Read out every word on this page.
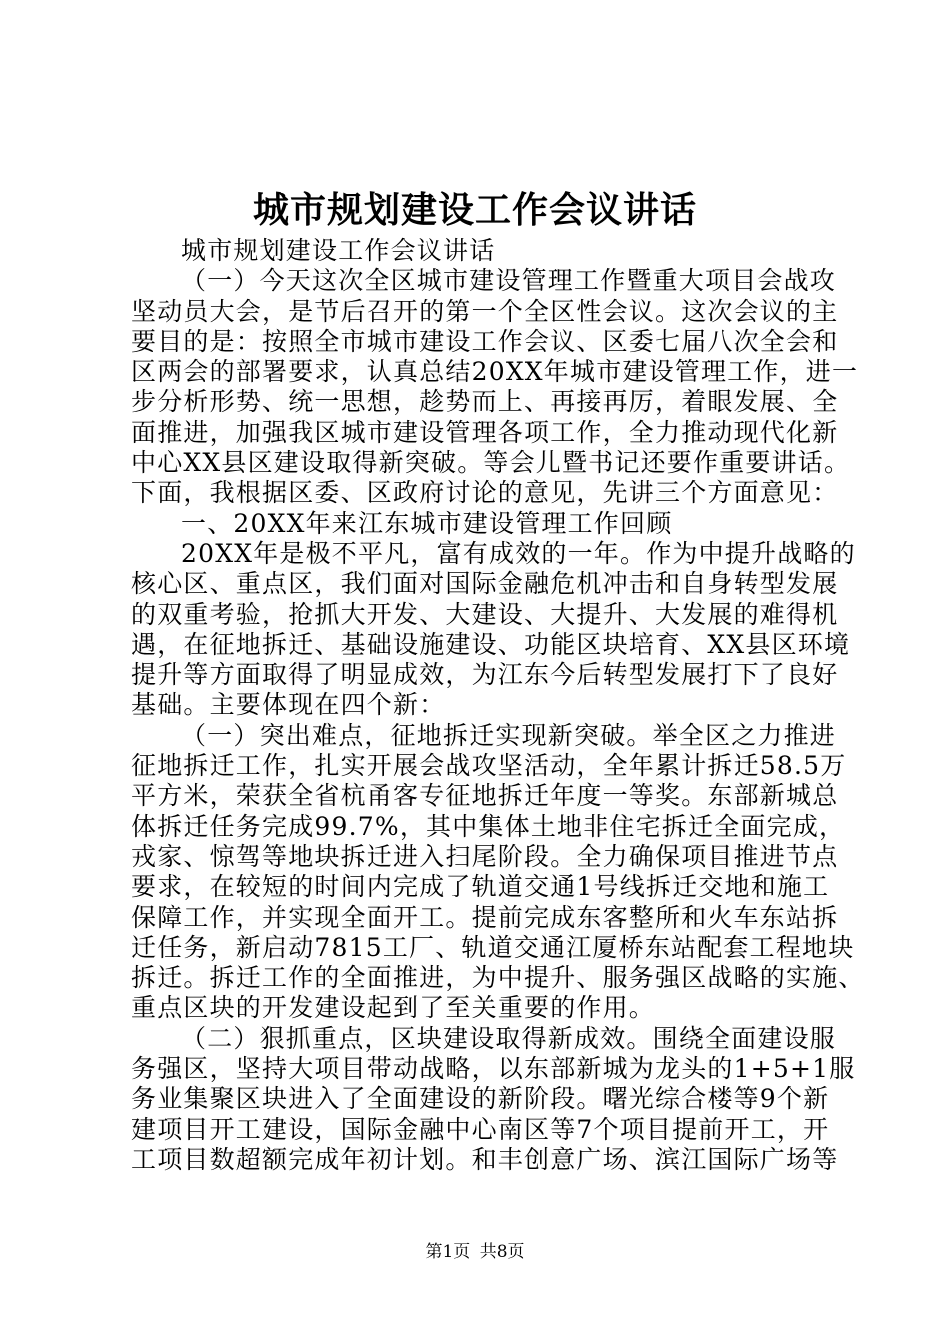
城市规划建设工作会议讲话
城市规划建设工作会议讲话
（一）今天这次全区城市建设管理工作暨重大项目会战攻
坚动员大会，是节后召开的第一个全区性会议。这次会议的主
要目的是：按照全市城市建设工作会议、区委七届八次全会和
区两会的部署要求，认真总结20XX年城市建设管理工作，进一
步分析形势、统一思想，趁势而上、再接再厉，着眼发展、全
面推进，加强我区城市建设管理各项工作，全力推动现代化新
中心XX县区建设取得新突破。等会儿暨书记还要作重要讲话。
下面，我根据区委、区政府讨论的意见，先讲三个方面意见：
一、20XX年来江东城市建设管理工作回顾
20XX年是极不平凡，富有成效的一年。作为中提升战略的
核心区、重点区，我们面对国际金融危机冲击和自身转型发展
的双重考验，抢抓大开发、大建设、大提升、大发展的难得机
遇，在征地拆迁、基础设施建设、功能区块培育、XX县区环境
提升等方面取得了明显成效，为江东今后转型发展打下了良好
基础。主要体现在四个新：
（一）突出难点，征地拆迁实现新突破。举全区之力推进
征地拆迁工作，扎实开展会战攻坚活动，全年累计拆迁58.5万
平方米，荣获全省杭甬客专征地拆迁年度一等奖。东部新城总
体拆迁任务完成99.7%，其中集体土地非住宅拆迁全面完成，
戎家、惊驾等地块拆迁进入扫尾阶段。全力确保项目推进节点
要求，在较短的时间内完成了轨道交通1号线拆迁交地和施工
保障工作，并实现全面开工。提前完成东客整所和火车东站拆
迁任务，新启动7815工厂、轨道交通江厦桥东站配套工程地块
拆迁。拆迁工作的全面推进，为中提升、服务强区战略的实施、
重点区块的开发建设起到了至关重要的作用。
（二）狠抓重点，区块建设取得新成效。围绕全面建设服
务强区，坚持大项目带动战略，以东部新城为龙头的1+5+1服
务业集聚区块进入了全面建设的新阶段。曙光综合楼等9个新
建项目开工建设，国际金融中心南区等7个项目提前开工，开
工项目数超额完成年初计划。和丰创意广场、滨江国际广场等
第1页 共8页
